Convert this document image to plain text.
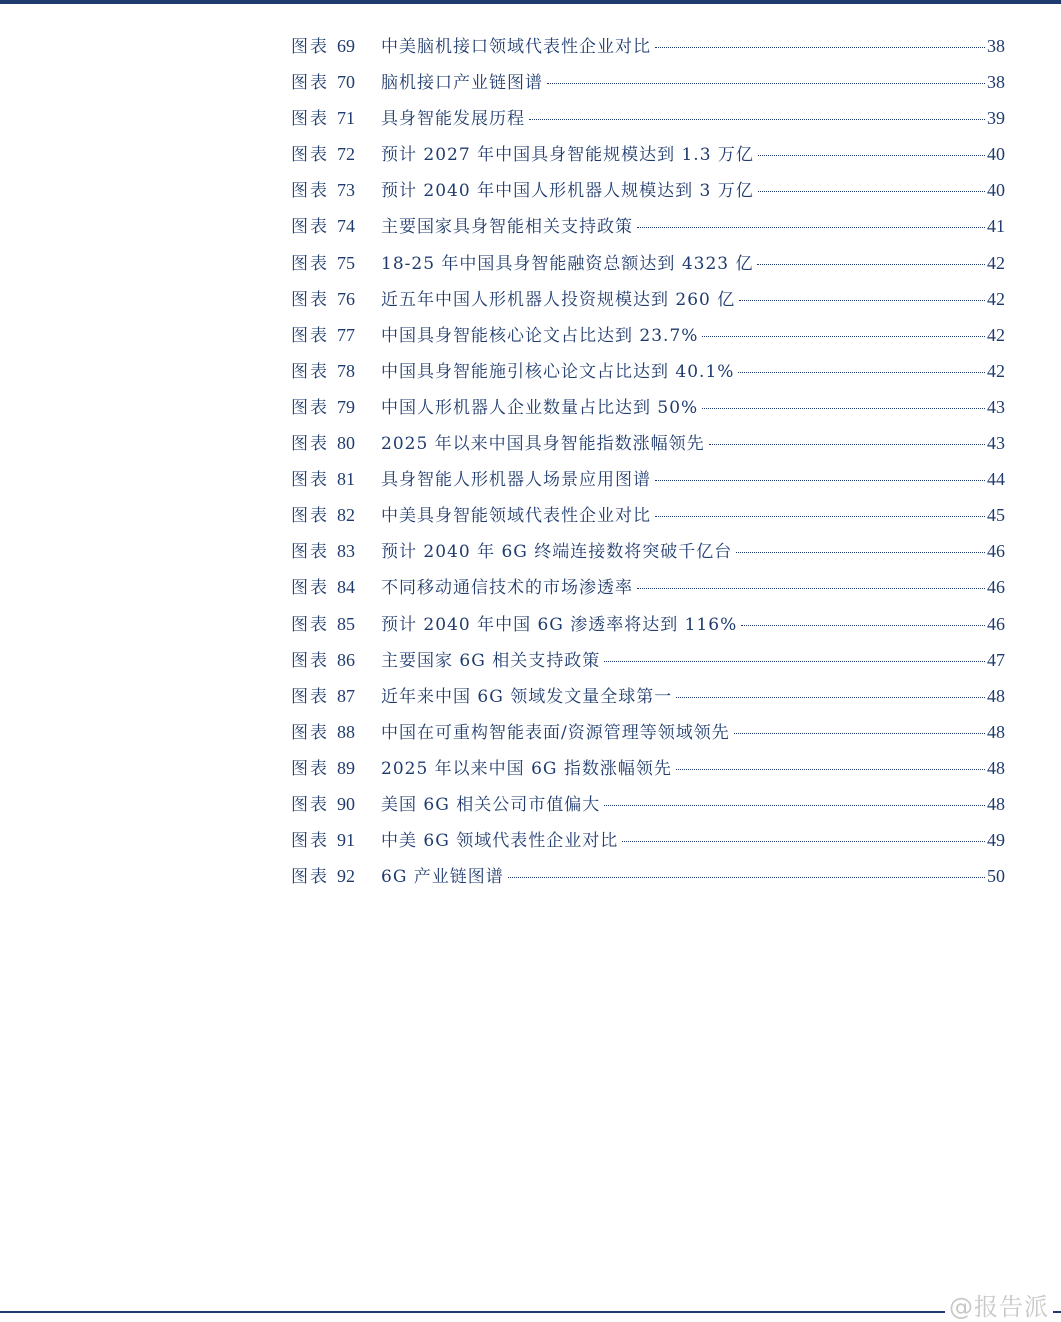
图表 69	中美脑机接口领域代表性企业对比	38
图表 70	脑机接口产业链图谱	38
图表 71	具身智能发展历程	39
图表 72	预计 2027 年中国具身智能规模达到 1.3 万亿	40
图表 73	预计 2040 年中国人形机器人规模达到 3 万亿	40
图表 74	主要国家具身智能相关支持政策	41
图表 75	18-25 年中国具身智能融资总额达到 4323 亿	42
图表 76	近五年中国人形机器人投资规模达到 260 亿	42
图表 77	中国具身智能核心论文占比达到 23.7%	42
图表 78	中国具身智能施引核心论文占比达到 40.1%	42
图表 79	中国人形机器人企业数量占比达到 50%	43
图表 80	2025 年以来中国具身智能指数涨幅领先	43
图表 81	具身智能人形机器人场景应用图谱	44
图表 82	中美具身智能领域代表性企业对比	45
图表 83	预计 2040 年 6G 终端连接数将突破千亿台	46
图表 84	不同移动通信技术的市场渗透率	46
图表 85	预计 2040 年中国 6G 渗透率将达到 116%	46
图表 86	主要国家 6G 相关支持政策	47
图表 87	近年来中国 6G 领域发文量全球第一	48
图表 88	中国在可重构智能表面/资源管理等领域领先	48
图表 89	2025 年以来中国 6G 指数涨幅领先	48
图表 90	美国 6G 相关公司市值偏大	48
图表 91	中美 6G 领域代表性企业对比	49
图表 92	6G 产业链图谱	50
@报告派
